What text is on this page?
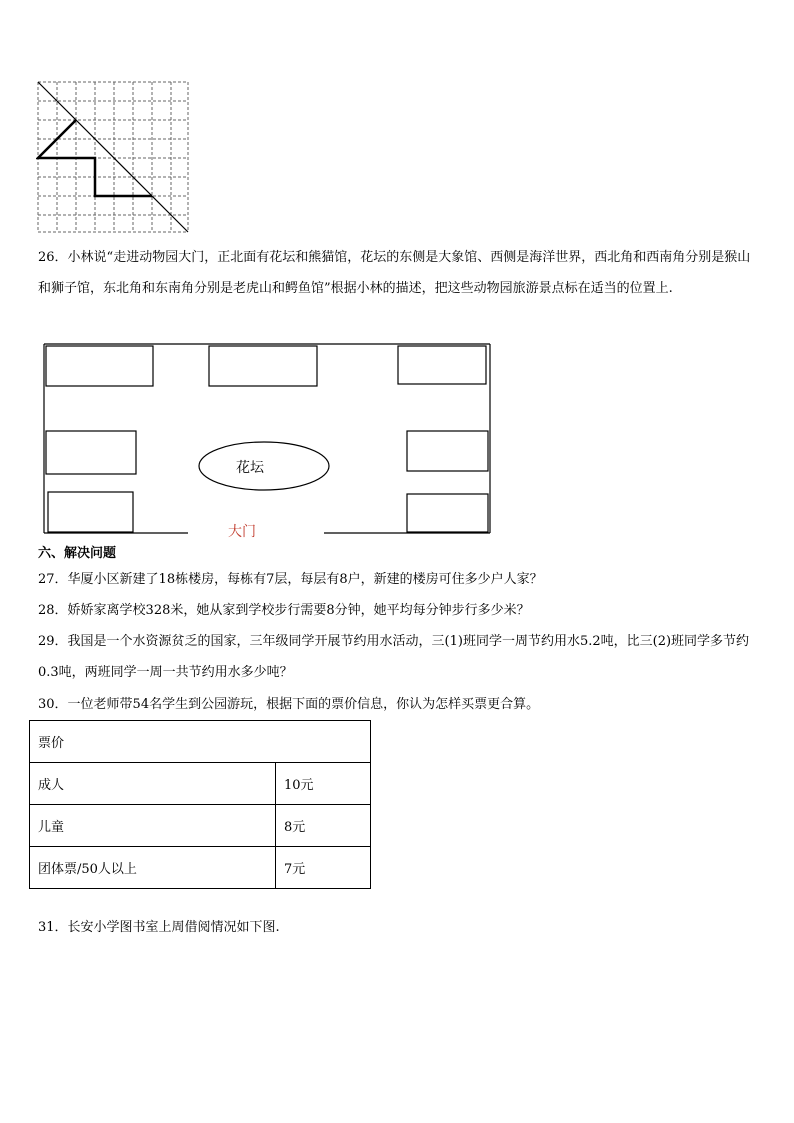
26．小林说“走进动物园大门，正北面有花坛和熊猫馆，花坛的东侧是大象馆、西侧是海洋世界，西北角和西南角分别是猴山和狮子馆，东北角和东南角分别是老虎山和鳄鱼馆”根据小林的描述，把这些动物园旅游景点标在适当的位置上.
花坛
大门
六、解决问题
27．华厦小区新建了18栋楼房，每栋有7层，每层有8户，新建的楼房可住多少户人家？
28．娇娇家离学校328米，她从家到学校步行需要8分钟，她平均每分钟步行多少米？
29．我国是一个水资源贫乏的国家，三年级同学开展节约用水活动，三(1)班同学一周节约用水5.2吨，比三(2)班同学多节约0.3吨，两班同学一周一共节约用水多少吨？
30．一位老师带54名学生到公园游玩，根据下面的票价信息，你认为怎样买票更合算。
票价	
成人	10元
儿童	8元
团体票/50人以上	7元
31．长安小学图书室上周借阅情况如下图.
